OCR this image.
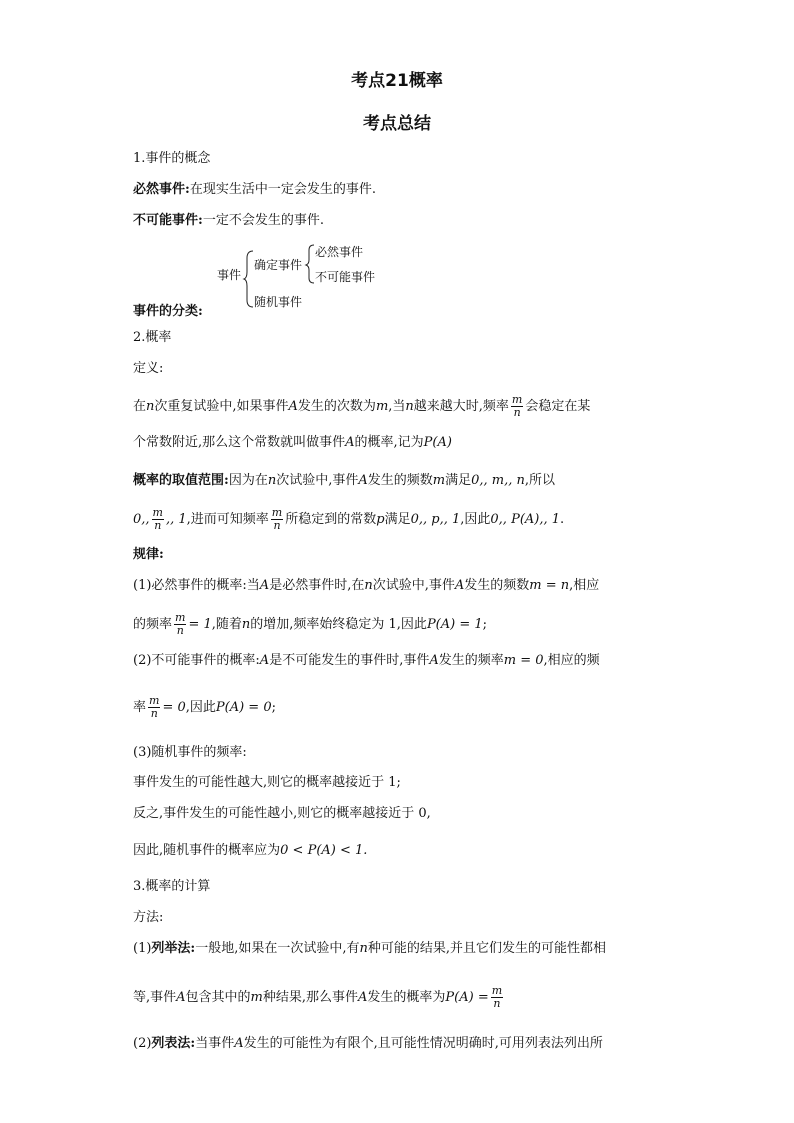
考点21概率
考点总结
1.事件的概念
必然事件:在现实生活中一定会发生的事件.
不可能事件:一定不会发生的事件.
事件
确定事件
必然事件
不可能事件
随机事件
事件的分类:
2.概率
定义:
在n次重复试验中,如果事件A发生的次数为m,当n越来越大时,频率 $\frac{m}{n}$ 会稳定在某
个常数附近,那么这个常数就叫做事件A的概率,记为P(A)
概率的取值范围:因为在n次试验中,事件A发生的频数m满足0,, m,, n,所以
0,, $\frac{m}{n}$ ,, 1,进而可知频率 $\frac{m}{n}$ 所稳定到的常数p满足0,, p,, 1,因此0,, P(A),, 1.
规律:
(1)必然事件的概率:当A是必然事件时,在n次试验中,事件A发生的频数m = n,相应
的频率 $\frac{m}{n} = 1$,随着n的增加,频率始终稳定为 1,因此P(A) = 1;
(2)不可能事件的概率:A是不可能发生的事件时,事件A发生的频率m = 0,相应的频
率 $\frac{m}{n} = 0$,因此P(A) = 0;
(3)随机事件的频率:
事件发生的可能性越大,则它的概率越接近于 1;
反之,事件发生的可能性越小,则它的概率越接近于 0,
因此,随机事件的概率应为0 < P(A) < 1.
3.概率的计算
方法:
(1)列举法:一般地,如果在一次试验中,有n种可能的结果,并且它们发生的可能性都相
等,事件A包含其中的m种结果,那么事件A发生的概率为$P(A) = \frac{m}{n}$
(2)列表法:当事件A发生的可能性为有限个,且可能性情况明确时,可用列表法列出所
